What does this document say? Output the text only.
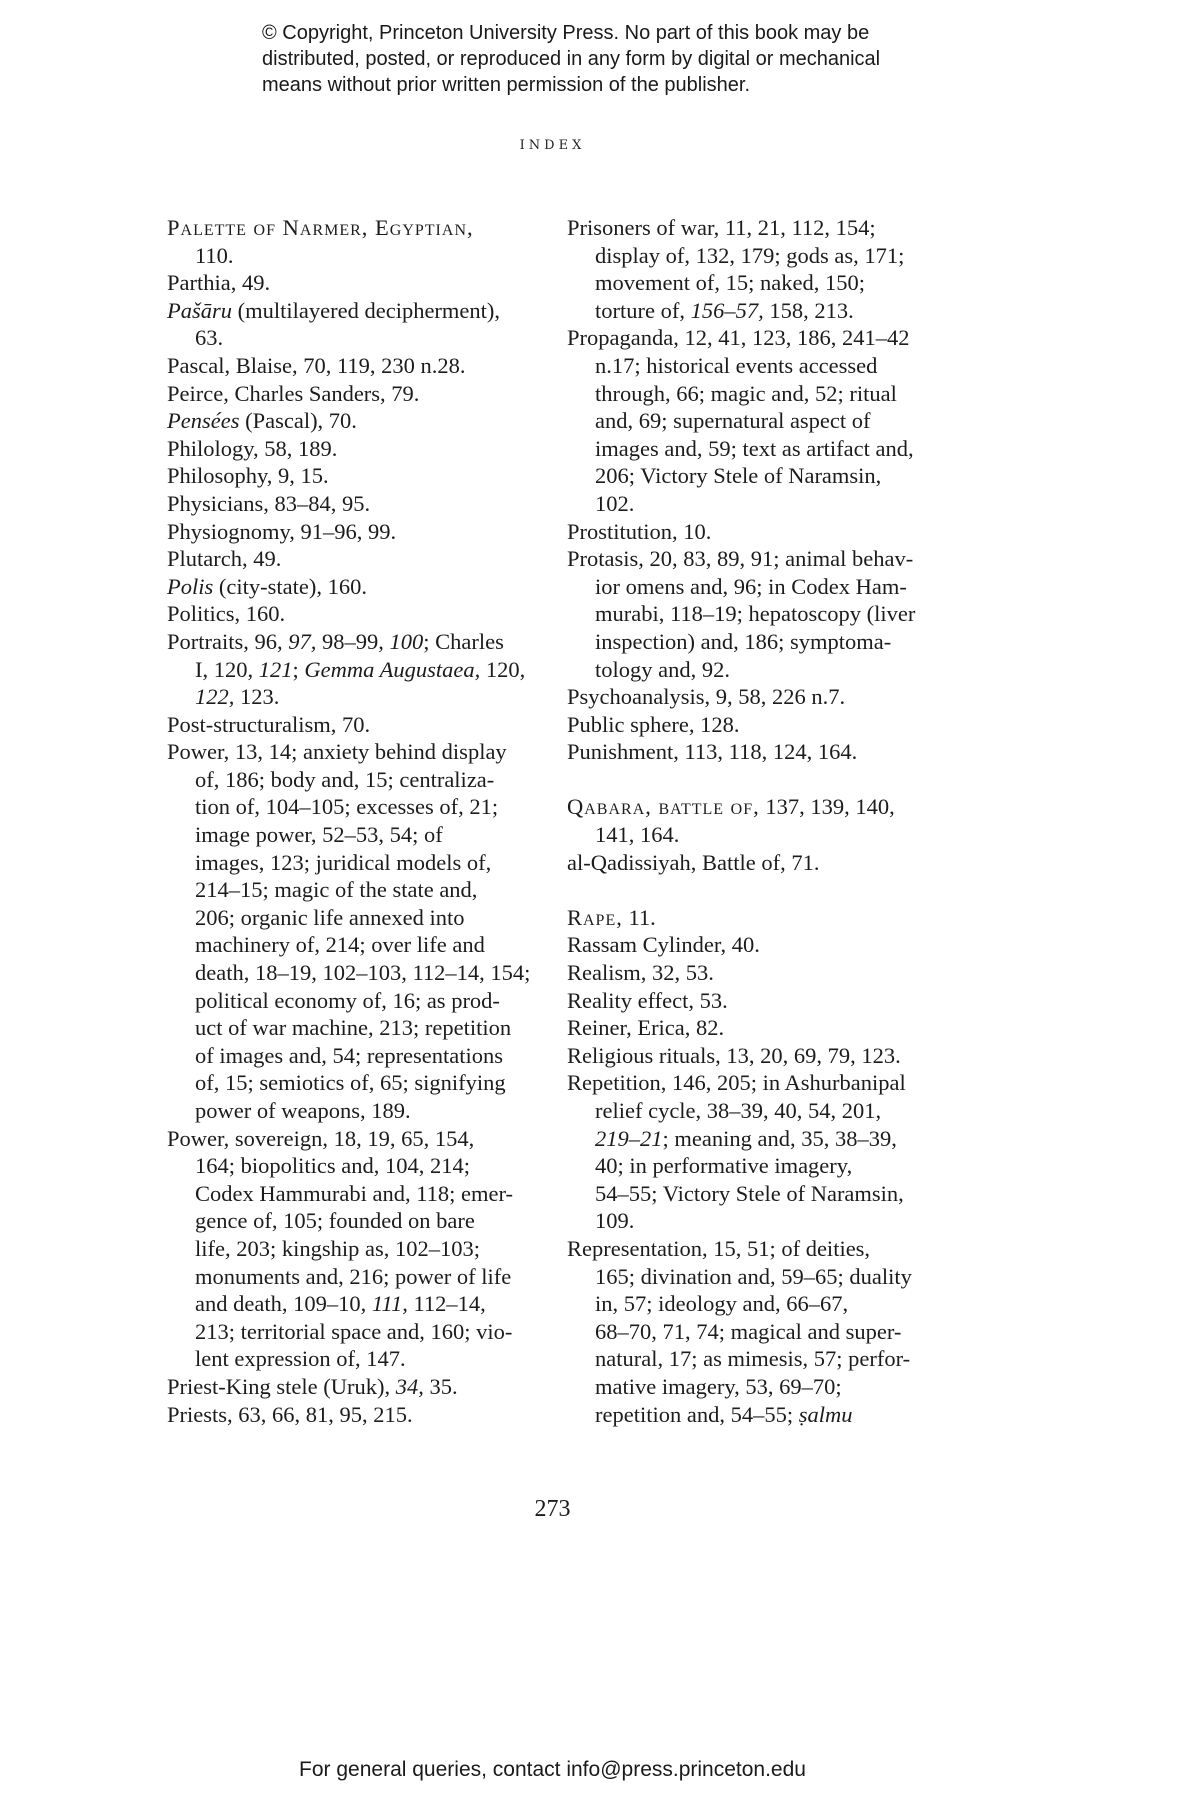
© Copyright, Princeton University Press. No part of this book may be
distributed, posted, or reproduced in any form by digital or mechanical
means without prior written permission of the publisher.
INDEX
Palette of Narmer, Egyptian,
110.
Parthia, 49.
Pašāru (multilayered decipherment),
63.
Pascal, Blaise, 70, 119, 230 n.28.
Peirce, Charles Sanders, 79.
Pensées (Pascal), 70.
Philology, 58, 189.
Philosophy, 9, 15.
Physicians, 83–84, 95.
Physiognomy, 91–96, 99.
Plutarch, 49.
Polis (city-state), 160.
Politics, 160.
Portraits, 96, 97, 98–99, 100; Charles
I, 120, 121; Gemma Augustaea, 120,
122, 123.
Post-structuralism, 70.
Power, 13, 14; anxiety behind display
of, 186; body and, 15; centraliza-
tion of, 104–105; excesses of, 21;
image power, 52–53, 54; of
images, 123; juridical models of,
214–15; magic of the state and,
206; organic life annexed into
machinery of, 214; over life and
death, 18–19, 102–103, 112–14, 154;
political economy of, 16; as prod-
uct of war machine, 213; repetition
of images and, 54; representations
of, 15; semiotics of, 65; signifying
power of weapons, 189.
Power, sovereign, 18, 19, 65, 154,
164; biopolitics and, 104, 214;
Codex Hammurabi and, 118; emer-
gence of, 105; founded on bare
life, 203; kingship as, 102–103;
monuments and, 216; power of life
and death, 109–10, 111, 112–14,
213; territorial space and, 160; vio-
lent expression of, 147.
Priest-King stele (Uruk), 34, 35.
Priests, 63, 66, 81, 95, 215.
Prisoners of war, 11, 21, 112, 154;
display of, 132, 179; gods as, 171;
movement of, 15; naked, 150;
torture of, 156–57, 158, 213.
Propaganda, 12, 41, 123, 186, 241–42
n.17; historical events accessed
through, 66; magic and, 52; ritual
and, 69; supernatural aspect of
images and, 59; text as artifact and,
206; Victory Stele of Naramsin,
102.
Prostitution, 10.
Protasis, 20, 83, 89, 91; animal behav-
ior omens and, 96; in Codex Ham-
murabi, 118–19; hepatoscopy (liver
inspection) and, 186; symptoma-
tology and, 92.
Psychoanalysis, 9, 58, 226 n.7.
Public sphere, 128.
Punishment, 113, 118, 124, 164.
Qabara, battle of, 137, 139, 140,
141, 164.
al-Qadissiyah, Battle of, 71.
Rape, 11.
Rassam Cylinder, 40.
Realism, 32, 53.
Reality effect, 53.
Reiner, Erica, 82.
Religious rituals, 13, 20, 69, 79, 123.
Repetition, 146, 205; in Ashurbanipal
relief cycle, 38–39, 40, 54, 201,
219–21; meaning and, 35, 38–39,
40; in performative imagery,
54–55; Victory Stele of Naramsin,
109.
Representation, 15, 51; of deities,
165; divination and, 59–65; duality
in, 57; ideology and, 66–67,
68–70, 71, 74; magical and super-
natural, 17; as mimesis, 57; perfor-
mative imagery, 53, 69–70;
repetition and, 54–55; ṣalmu
273
For general queries, contact info@press.princeton.edu
